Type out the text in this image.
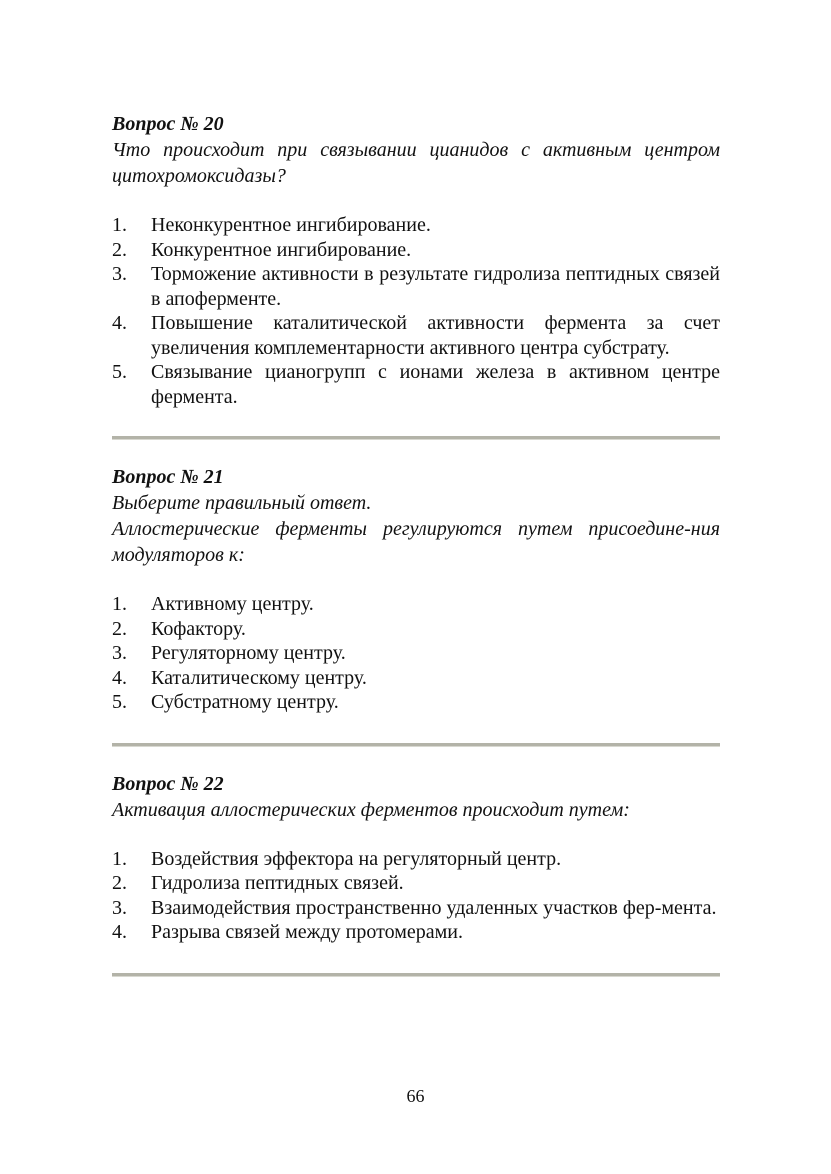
Вопрос № 20

Что происходит при связывании цианидов с активным центром цитохромоксидазы?

1.	Неконкурентное ингибирование.
2.	Конкурентное ингибирование.
3.	Торможение активности в результате гидролиза пептидных связей в апоферменте.
4.	Повышение каталитической активности фермента за счет увеличения комплементарности активного центра субстрату.
5.	Связывание цианогрупп с ионами железа в активном центре фермента.

Вопрос № 21

Выберите правильный ответ.

Аллостерические ферменты регулируются путем присоедине-ния модуляторов к:

1.	Активному центру.
2.	Кофактору.
3.	Регуляторному центру.
4.	Каталитическому центру.
5.	Субстратному центру.

Вопрос № 22

Активация аллостерических ферментов происходит путем:

1.	Воздействия эффектора на регуляторный центр.
2.	Гидролиза пептидных связей.
3.	Взаимодействия пространственно удаленных участков фер-мента.
4.	Разрыва связей между протомерами.
66
